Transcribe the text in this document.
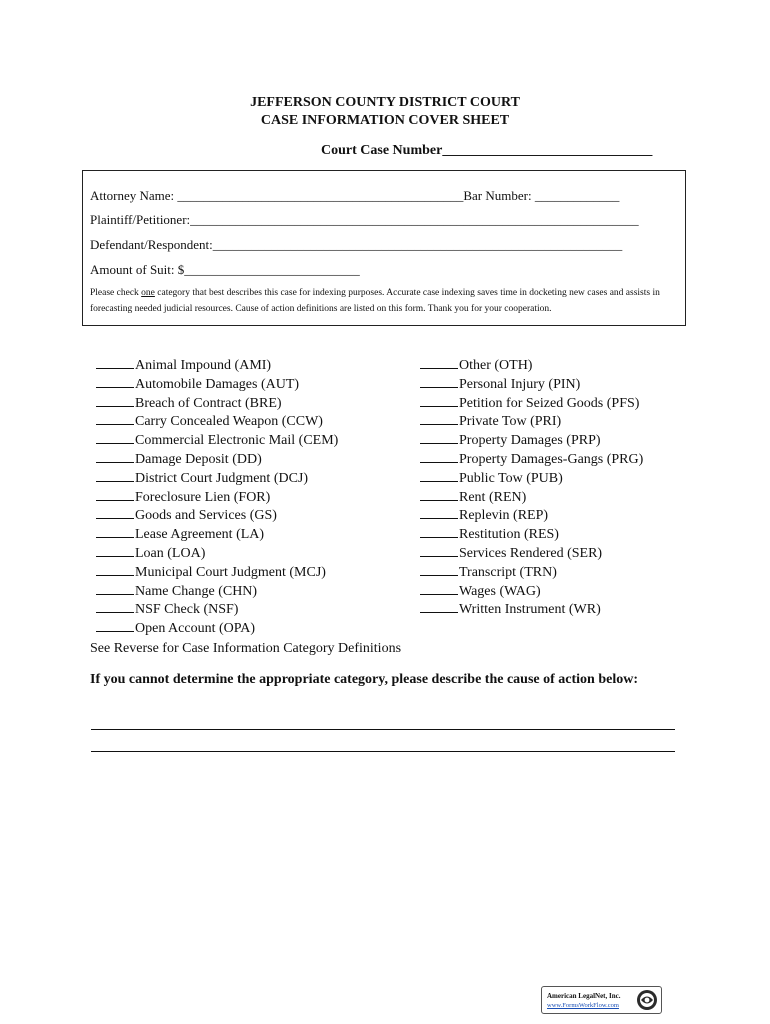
JEFFERSON COUNTY DISTRICT COURT
CASE INFORMATION COVER SHEET
Court Case Number______________________________
Attorney Name: ____________________________________________Bar Number: _____________
Plaintiff/Petitioner:_____________________________________________________________________
Defendant/Respondent:_______________________________________________________________
Amount of Suit: $___________________________
Please check one category that best describes this case for indexing purposes. Accurate case indexing saves time in docketing new cases and assists in forecasting needed judicial resources. Cause of action definitions are listed on this form. Thank you for your cooperation.
Animal Impound (AMI)
Automobile Damages (AUT)
Breach of Contract (BRE)
Carry Concealed Weapon (CCW)
Commercial Electronic Mail (CEM)
Damage Deposit (DD)
District Court Judgment (DCJ)
Foreclosure Lien (FOR)
Goods and Services (GS)
Lease Agreement (LA)
Loan (LOA)
Municipal Court Judgment (MCJ)
Name Change (CHN)
NSF Check (NSF)
Open Account (OPA)
Other (OTH)
Personal Injury (PIN)
Petition for Seized Goods (PFS)
Private Tow (PRI)
Property Damages (PRP)
Property Damages-Gangs (PRG)
Public Tow (PUB)
Rent (REN)
Replevin (REP)
Restitution (RES)
Services Rendered (SER)
Transcript (TRN)
Wages (WAG)
Written Instrument (WR)
See Reverse for Case Information Category Definitions
If you cannot determine the appropriate category, please describe the cause of action below:
American LegalNet, Inc.
www.FormsWorkFlow.com
